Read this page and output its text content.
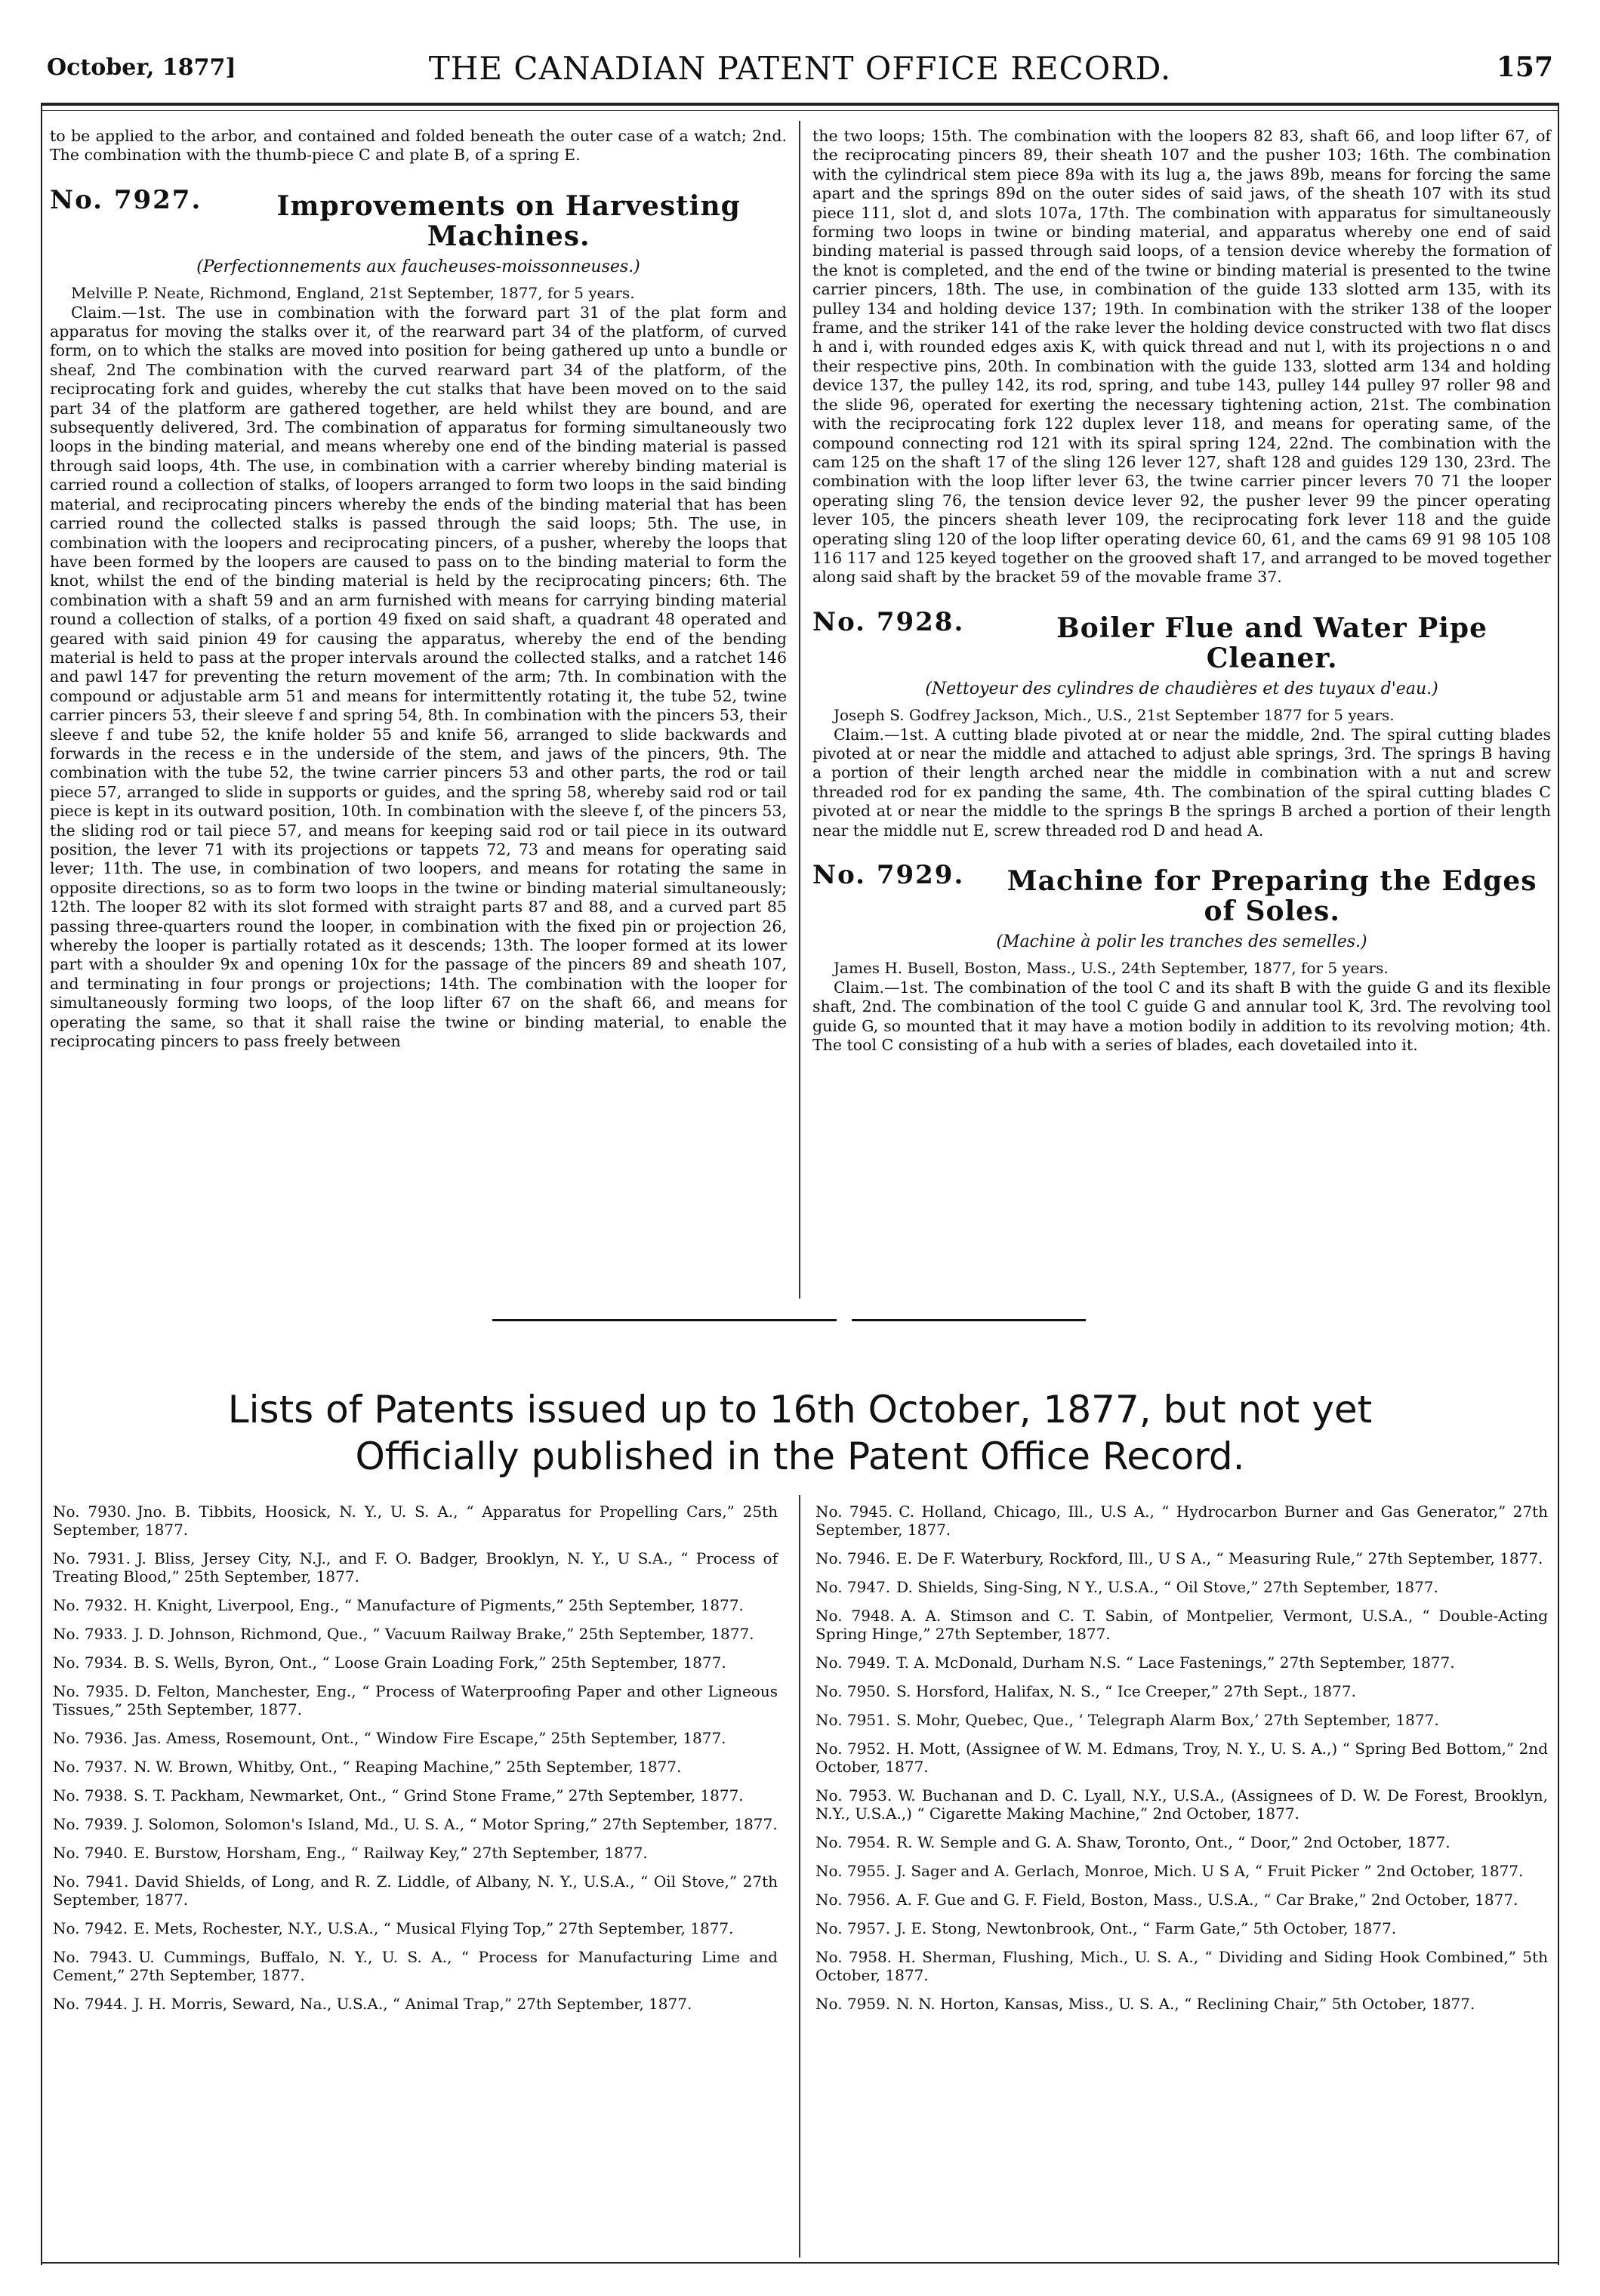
October, 1877]	THE CANADIAN PATENT OFFICE RECORD.	157

to be applied to the arbor, and contained and folded beneath the outer case of a watch; 2nd. The combination with the thumb-piece C and plate B, of a spring E.

No. 7927.	Improvements on Harvesting Machines.
(Perfectionnements aux faucheuses-moissonneuses.)

Melville P. Neate, Richmond, England, 21st September, 1877, for 5 years.

Claim.—1st. The use in combination with the forward part 31 of the plat form and apparatus for moving the stalks over it, of the rearward part 34 of the platform, of curved form, on to which the stalks are moved into position for being gathered up unto a bundle or sheaf, 2nd The combination with the curved rearward part 34 of the platform, of the reciprocating fork and guides, whereby the cut stalks that have been moved on to the said part 34 of the platform are gathered together, are held whilst they are bound, and are subsequently delivered, 3rd. The combination of apparatus for forming simultaneously two loops in the binding material, and means whereby one end of the binding material is passed through said loops, 4th. The use, in combination with a carrier whereby binding material is carried round a collection of stalks, of loopers arranged to form two loops in the said binding material, and reciprocating pincers whereby the ends of the binding material that has been carried round the collected stalks is passed through the said loops; 5th. The use, in combination with the loopers and reciprocating pincers, of a pusher, whereby the loops that have been formed by the loopers are caused to pass on to the binding material to form the knot, whilst the end of the binding material is held by the reciprocating pincers; 6th. The combination with a shaft 59 and an arm furnished with means for carrying binding material round a collection of stalks, of a portion 49 fixed on said shaft, a quadrant 48 operated and geared with said pinion 49 for causing the apparatus, whereby the end of the bending material is held to pass at the proper intervals around the collected stalks, and a ratchet 146 and pawl 147 for preventing the return movement of the arm; 7th. In combination with the compound or adjustable arm 51 and means for intermittently rotating it, the tube 52, twine carrier pincers 53, their sleeve f and spring 54, 8th. In combination with the pincers 53, their sleeve f and tube 52, the knife holder 55 and knife 56, arranged to slide backwards and forwards in the recess e in the underside of the stem, and jaws of the pincers, 9th. The combination with the tube 52, the twine carrier pincers 53 and other parts, the rod or tail piece 57, arranged to slide in supports or guides, and the spring 58, whereby said rod or tail piece is kept in its outward position, 10th. In combination with the sleeve f, of the pincers 53, the sliding rod or tail piece 57, and means for keeping said rod or tail piece in its outward position, the lever 71 with its projections or tappets 72, 73 and means for operating said lever; 11th. The use, in combination of two loopers, and means for rotating the same in opposite directions, so as to form two loops in the twine or binding material simultaneously; 12th. The looper 82 with its slot formed with straight parts 87 and 88, and a curved part 85 passing three-quarters round the looper, in combination with the fixed pin or projection 26, whereby the looper is partially rotated as it descends; 13th. The looper formed at its lower part with a shoulder 9x and opening 10x for the passage of the pincers 89 and sheath 107, and terminating in four prongs or projections; 14th. The combination with the looper for simultaneously forming two loops, of the loop lifter 67 on the shaft 66, and means for operating the same, so that it shall raise the twine or binding material, to enable the reciprocating pincers to pass freely between

the two loops; 15th. The combination with the loopers 82 83, shaft 66, and loop lifter 67, of the reciprocating pincers 89, their sheath 107 and the pusher 103; 16th. The combination with the cylindrical stem piece 89a with its lug a, the jaws 89b, means for forcing the same apart and the springs 89d on the outer sides of said jaws, of the sheath 107 with its stud piece 111, slot d, and slots 107a, 17th. The combination with apparatus for simultaneously forming two loops in twine or binding material, and apparatus whereby one end of said binding material is passed through said loops, of a tension device whereby the formation of the knot is completed, and the end of the twine or binding material is presented to the twine carrier pincers, 18th. The use, in combination of the guide 133 slotted arm 135, with its pulley 134 and holding device 137; 19th. In combination with the striker 138 of the looper frame, and the striker 141 of the rake lever the holding device constructed with two flat discs h and i, with rounded edges axis K, with quick thread and nut l, with its projections n o and their respective pins, 20th. In combination with the guide 133, slotted arm 134 and holding device 137, the pulley 142, its rod, spring, and tube 143, pulley 144 pulley 97 roller 98 and the slide 96, operated for exerting the necessary tightening action, 21st. The combination with the reciprocating fork 122 duplex lever 118, and means for operating same, of the compound connecting rod 121 with its spiral spring 124, 22nd. The combination with the cam 125 on the shaft 17 of the sling 126 lever 127, shaft 128 and guides 129 130, 23rd. The combination with the loop lifter lever 63, the twine carrier pincer levers 70 71 the looper operating sling 76, the tension device lever 92, the pusher lever 99 the pincer operating lever 105, the pincers sheath lever 109, the reciprocating fork lever 118 and the guide operating sling 120 of the loop lifter operating device 60, 61, and the cams 69 91 98 105 108 116 117 and 125 keyed together on the grooved shaft 17, and arranged to be moved together along said shaft by the bracket 59 of the movable frame 37.

No. 7928.	Boiler Flue and Water Pipe Cleaner.
(Nettoyeur des cylindres de chaudières et des tuyaux d'eau.)

Joseph S. Godfrey Jackson, Mich., U.S., 21st September 1877 for 5 years.

Claim.—1st. A cutting blade pivoted at or near the middle, 2nd. The spiral cutting blades pivoted at or near the middle and attached to adjust able springs, 3rd. The springs B having a portion of their length arched near the middle in combination with a nut and screw threaded rod for ex panding the same, 4th. The combination of the spiral cutting blades C pivoted at or near the middle to the springs B the springs B arched a portion of their length near the middle nut E, screw threaded rod D and head A.

No. 7929.	Machine for Preparing the Edges of Soles.
(Machine à polir les tranches des semelles.)

James H. Busell, Boston, Mass., U.S., 24th September, 1877, for 5 years.

Claim.—1st. The combination of the tool C and its shaft B with the guide G and its flexible shaft, 2nd. The combination of the tool C guide G and annular tool K, 3rd. The revolving tool guide G, so mounted that it may have a motion bodily in addition to its revolving motion; 4th. The tool C consisting of a hub with a series of blades, each dovetailed into it.

Lists of Patents issued up to 16th October, 1877, but not yet
Officially published in the Patent Office Record.
No. 7930. Jno. B. Tibbits, Hoosick, N. Y., U. S. A., “ Apparatus for Propelling Cars,” 25th September, 1877.
No. 7931. J. Bliss, Jersey City, N.J., and F. O. Badger, Brooklyn, N. Y., U S.A., “ Process of Treating Blood,” 25th September, 1877.
No. 7932. H. Knight, Liverpool, Eng., “ Manufacture of Pigments,” 25th September, 1877.
No. 7933. J. D. Johnson, Richmond, Que., “ Vacuum Railway Brake,” 25th September, 1877.
No. 7934. B. S. Wells, Byron, Ont., “ Loose Grain Loading Fork,” 25th September, 1877.
No. 7935. D. Felton, Manchester, Eng., “ Process of Waterproofing Paper and other Ligneous Tissues,” 25th September, 1877.
No. 7936. Jas. Amess, Rosemount, Ont., “ Window Fire Escape,” 25th September, 1877.
No. 7937. N. W. Brown, Whitby, Ont., “ Reaping Machine,” 25th September, 1877.
No. 7938. S. T. Packham, Newmarket, Ont., “ Grind Stone Frame,” 27th September, 1877.
No. 7939. J. Solomon, Solomon's Island, Md., U. S. A., “ Motor Spring,” 27th September, 1877.
No. 7940. E. Burstow, Horsham, Eng., “ Railway Key,” 27th September, 1877.
No. 7941. David Shields, of Long, and R. Z. Liddle, of Albany, N. Y., U.S.A., “ Oil Stove,” 27th September, 1877.
No. 7942. E. Mets, Rochester, N.Y., U.S.A., “ Musical Flying Top,” 27th September, 1877.
No. 7943. U. Cummings, Buffalo, N. Y., U. S. A., “ Process for Manufacturing Lime and Cement,” 27th September, 1877.
No. 7944. J. H. Morris, Seward, Na., U.S.A., “ Animal Trap,” 27th September, 1877.
No. 7945. C. Holland, Chicago, Ill., U.S A., “ Hydrocarbon Burner and Gas Generator,” 27th September, 1877.
No. 7946. E. De F. Waterbury, Rockford, Ill., U S A., “ Measuring Rule,” 27th September, 1877.
No. 7947. D. Shields, Sing-Sing, N Y., U.S.A., “ Oil Stove,” 27th September, 1877.
No. 7948. A. A. Stimson and C. T. Sabin, of Montpelier, Vermont, U.S.A., “ Double-Acting Spring Hinge,” 27th September, 1877.
No. 7949. T. A. McDonald, Durham N.S. “ Lace Fastenings,” 27th September, 1877.
No. 7950. S. Horsford, Halifax, N. S., “ Ice Creeper,” 27th Sept., 1877.
No. 7951. S. Mohr, Quebec, Que., ‘ Telegraph Alarm Box,’ 27th September, 1877.
No. 7952. H. Mott, (Assignee of W. M. Edmans, Troy, N. Y., U. S. A.,) “ Spring Bed Bottom,” 2nd October, 1877.
No. 7953. W. Buchanan and D. C. Lyall, N.Y., U.S.A., (Assignees of D. W. De Forest, Brooklyn, N.Y., U.S.A.,) “ Cigarette Making Machine,” 2nd October, 1877.
No. 7954. R. W. Semple and G. A. Shaw, Toronto, Ont., “ Door,” 2nd October, 1877.
No. 7955. J. Sager and A. Gerlach, Monroe, Mich. U S A, “ Fruit Picker ” 2nd October, 1877.
No. 7956. A. F. Gue and G. F. Field, Boston, Mass., U.S.A., “ Car Brake,” 2nd October, 1877.
No. 7957. J. E. Stong, Newtonbrook, Ont., “ Farm Gate,” 5th October, 1877.
No. 7958. H. Sherman, Flushing, Mich., U. S. A., “ Dividing and Siding Hook Combined,” 5th October, 1877.
No. 7959. N. N. Horton, Kansas, Miss., U. S. A., “ Reclining Chair,” 5th October, 1877.
